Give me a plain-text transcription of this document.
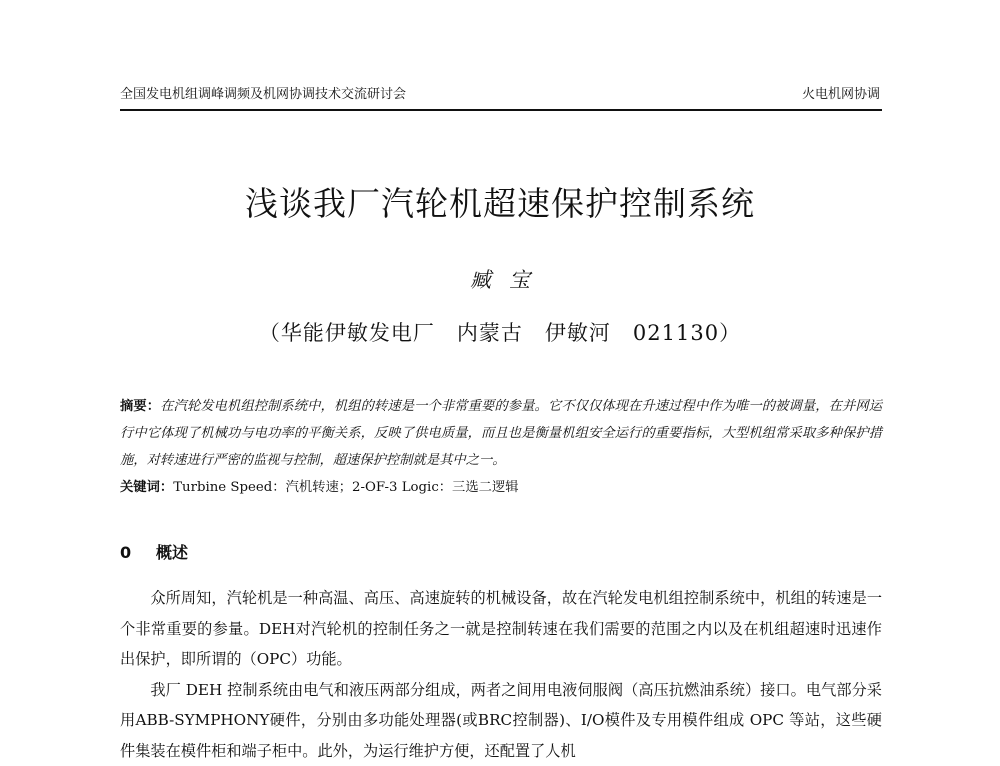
全国发电机组调峰调频及机网协调技术交流研讨会	火电机网协调
浅谈我厂汽轮机超速保护控制系统
臧宝
（华能伊敏发电厂　内蒙古　伊敏河　021130）
摘要：在汽轮发电机组控制系统中，机组的转速是一个非常重要的参量。它不仅仅体现在升速过程中作为唯一的被调量，在并网运行中它体现了机械功与电功率的平衡关系，反映了供电质量，而且也是衡量机组安全运行的重要指标，大型机组常采取多种保护措施，对转速进行严密的监视与控制，超速保护控制就是其中之一。
关键词：Turbine Speed：汽机转速；2-OF-3 Logic：三选二逻辑
0 概述

众所周知，汽轮机是一种高温、高压、高速旋转的机械设备，故在汽轮发电机组控制系统中，机组的转速是一个非常重要的参量。DEH对汽轮机的控制任务之一就是控制转速在我们需要的范围之内以及在机组超速时迅速作出保护，即所谓的（OPC）功能。

我厂 DEH 控制系统由电气和液压两部分组成，两者之间用电液伺服阀（高压抗燃油系统）接口。电气部分采用ABB-SYMPHONY硬件，分别由多功能处理器(或BRC控制器)、I/O模件及专用模件组成 OPC 等站，这些硬件集装在模件柜和端子柜中。此外，为运行维护方便，还配置了人机
